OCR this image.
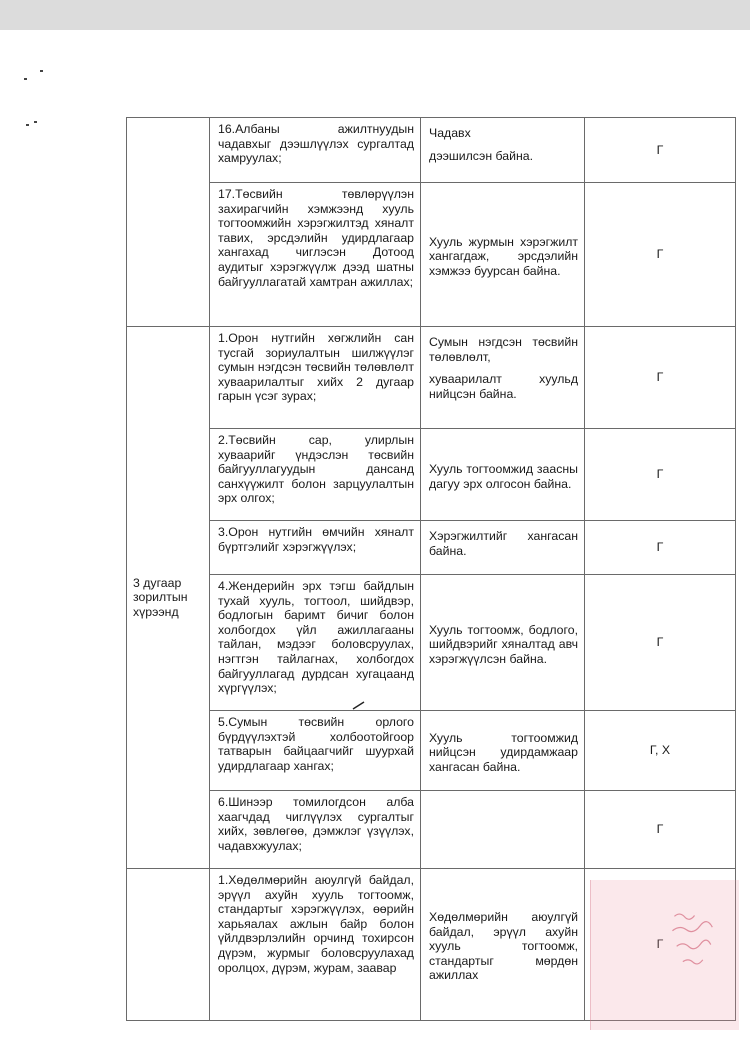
	16.Албаны ажилтнуудын чадавхыг дээшлүүлэх сургалтад хамруулах;	Чадавх
дээшилсэн байна.	Г

	17.Төсвийн төвлөрүүлэн захирагчийн хэмжээнд хууль тогтоомжийн хэрэгжилтэд хяналт тавих, эрсдэлийн удирдлагаар хангахад чиглэсэн Дотоод аудитыг хэрэгжүүлж дээд шатны байгууллагатай хамтран ажиллах;	Хууль журмын хэрэгжилт хангагдаж, эрсдэлийн хэмжээ буурсан байна.	Г

3 дугаар зорилтын хүрээнд	1.Орон нутгийн хөгжлийн сан тусгай зориулалтын шилжүүлэг сумын нэгдсэн төсвийн төлөвлөлт хуваарилалтыг хийх 2 дугаар гарын үсэг зурах;	Сумын нэгдсэн төсвийн төлөвлөлт,
хуваарилалт хуульд нийцсэн байна.	Г

	2.Төсвийн сар, улирлын хуваарийг үндэслэн төсвийн байгууллагуудын дансанд санхүүжилт болон зарцуулалтын эрх олгох;	Хууль тогтоомжид заасны дагуу эрх олгосон байна.	Г

	3.Орон нутгийн өмчийн хяналт бүртгэлийг хэрэгжүүлэх;	Хэрэгжилтийг хангасан байна.	Г

	4.Жендерийн эрх тэгш байдлын тухай хууль, тогтоол, шийдвэр, бодлогын баримт бичиг болон холбогдох үйл ажиллагааны тайлан, мэдээг боловсруулах, нэгтгэн тайлагнах, холбогдох байгууллагад дурдсан хугацаанд хүргүүлэх;	Хууль тогтоомж, бодлого, шийдвэрийг хяналтад авч хэрэгжүүлсэн байна.	Г

	5.Сумын төсвийн орлого бүрдүүлэхтэй холбоотойгоор татварын байцаагчийг шуурхай удирдлагаар хангах;	Хууль тогтоомжид нийцсэн удирдамжаар хангасан байна.	Г, Х

	6.Шинээр томилогдсон алба хаагчдад чиглүүлэх сургалтыг хийх, зөвлөгөө, дэмжлэг үзүүлэх, чадавхжуулах;		Г

	1.Хөдөлмөрийн аюулгүй байдал, эрүүл ахуйн хууль тогтоомж, стандартыг хэрэгжүүлэх, өөрийн харьяалах ажлын байр болон үйлдвэрлэлийн орчинд тохирсон дүрэм, журмыг боловсруулахад оролцох, дүрэм, журам, заавар	Хөдөлмөрийн аюулгүй байдал, эрүүл ахуйн хууль тогтоомж, стандартыг мөрдөн ажиллах	Г
